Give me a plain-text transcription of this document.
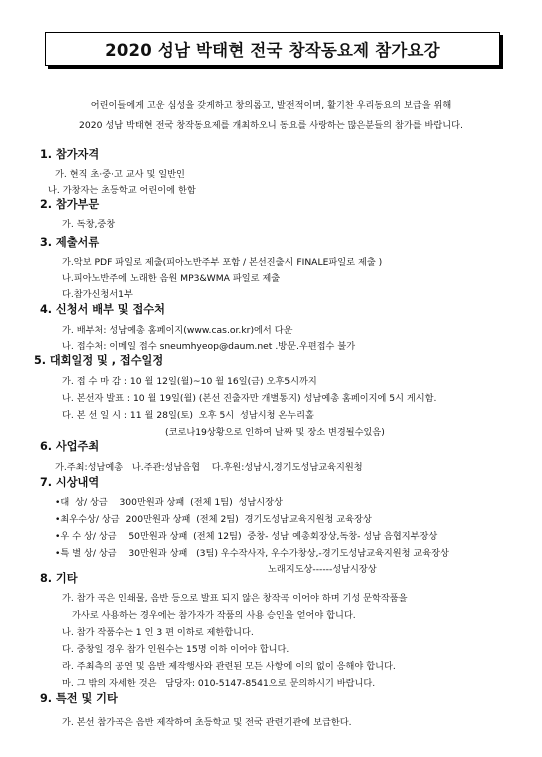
2020 성남 박태현 전국 창작동요제 참가요강
어린이들에게 고운 심성을 갖게하고 창의롭고, 발전적이며, 활기찬 우리동요의 보급을 위해
2020 성남 박태현 전국 창작동요제를 개최하오니 동요를 사랑하는 많은분들의 참가를 바랍니다.
1. 참가자격
가. 현직 초·중·고 교사 및 일반인
나. 가창자는 초등학교 어린이에 한함
2. 참가부문
가. 독창,중창
3. 제출서류
가.악보 PDF 파일로 제출(피아노반주부 포함 / 본선진출시 FINALE파일로 제출 )
나.피아노반주에 노래한 음원 MP3&WMA 파일로 제출
다.참가신청서1부
4. 신청서 배부 및 접수처
가. 배부처: 성남예총 홈페이지(www.cas.or.kr)에서 다운
나. 접수처: 이메일 접수 sneumhyeop@daum.net .방문.우편접수 불가
5. 대회일정 및 , 접수일정
가. 접 수 마 감 : 10 월 12일(월)~10 월 16일(금) 오후5시까지
나. 본선자 발표 : 10 월 19일(월) (본선 진출자만 개별통지) 성남예총 홈페이지에 5시 게시함.
다. 본 선 일 시 : 11 월 28일(토)  오후 5시  성남시청 온누리홀
(코로나19상황으로 인하여 날짜 및 장소 변경될수있음)
6. 사업주최
가.주최:성남예총   나.주관:성남음협    다.후원:성남시,경기도성남교육지원청
7. 시상내역
•대  상/ 상금    300만원과 상패  (전체 1팀)  성남시장상
•최우수상/ 상금  200만원과 상패  (전체 2팀)  경기도성남교육지원청 교육장상
•우 수 상/ 상금    50만원과 상패  (전체 12팀)  중창- 성남 예총회장상,독창- 성남 음협지부장상
•특 별 상/ 상금    30만원과 상패   (3팀) 우수작사자, 우수가창상,-경기도성남교육지원청 교육장상
노래지도상------성남시장상
8. 기타
가. 참가 곡은 인쇄물, 음반 등으로 발표 되지 않은 창작곡 이어야 하며 기성 문학작품을
가사로 사용하는 경우에는 참가자가 작품의 사용 승인을 얻어야 합니다.
나. 참가 작품수는 1 인 3 편 이하로 제한합니다.
다. 중창일 경우 참가 인원수는 15명 이하 이어야 합니다.
라. 주최측의 공연 및 음반 제작행사와 관련된 모든 사항에 이의 없이 응해야 합니다.
마. 그 밖의 자세한 것은   담당자: 010-5147-8541으로 문의하시기 바랍니다.
9. 특전 및 기타
가. 본선 참가곡은 음반 제작하여 초등학교 및 전국 관련기관에 보급한다.
